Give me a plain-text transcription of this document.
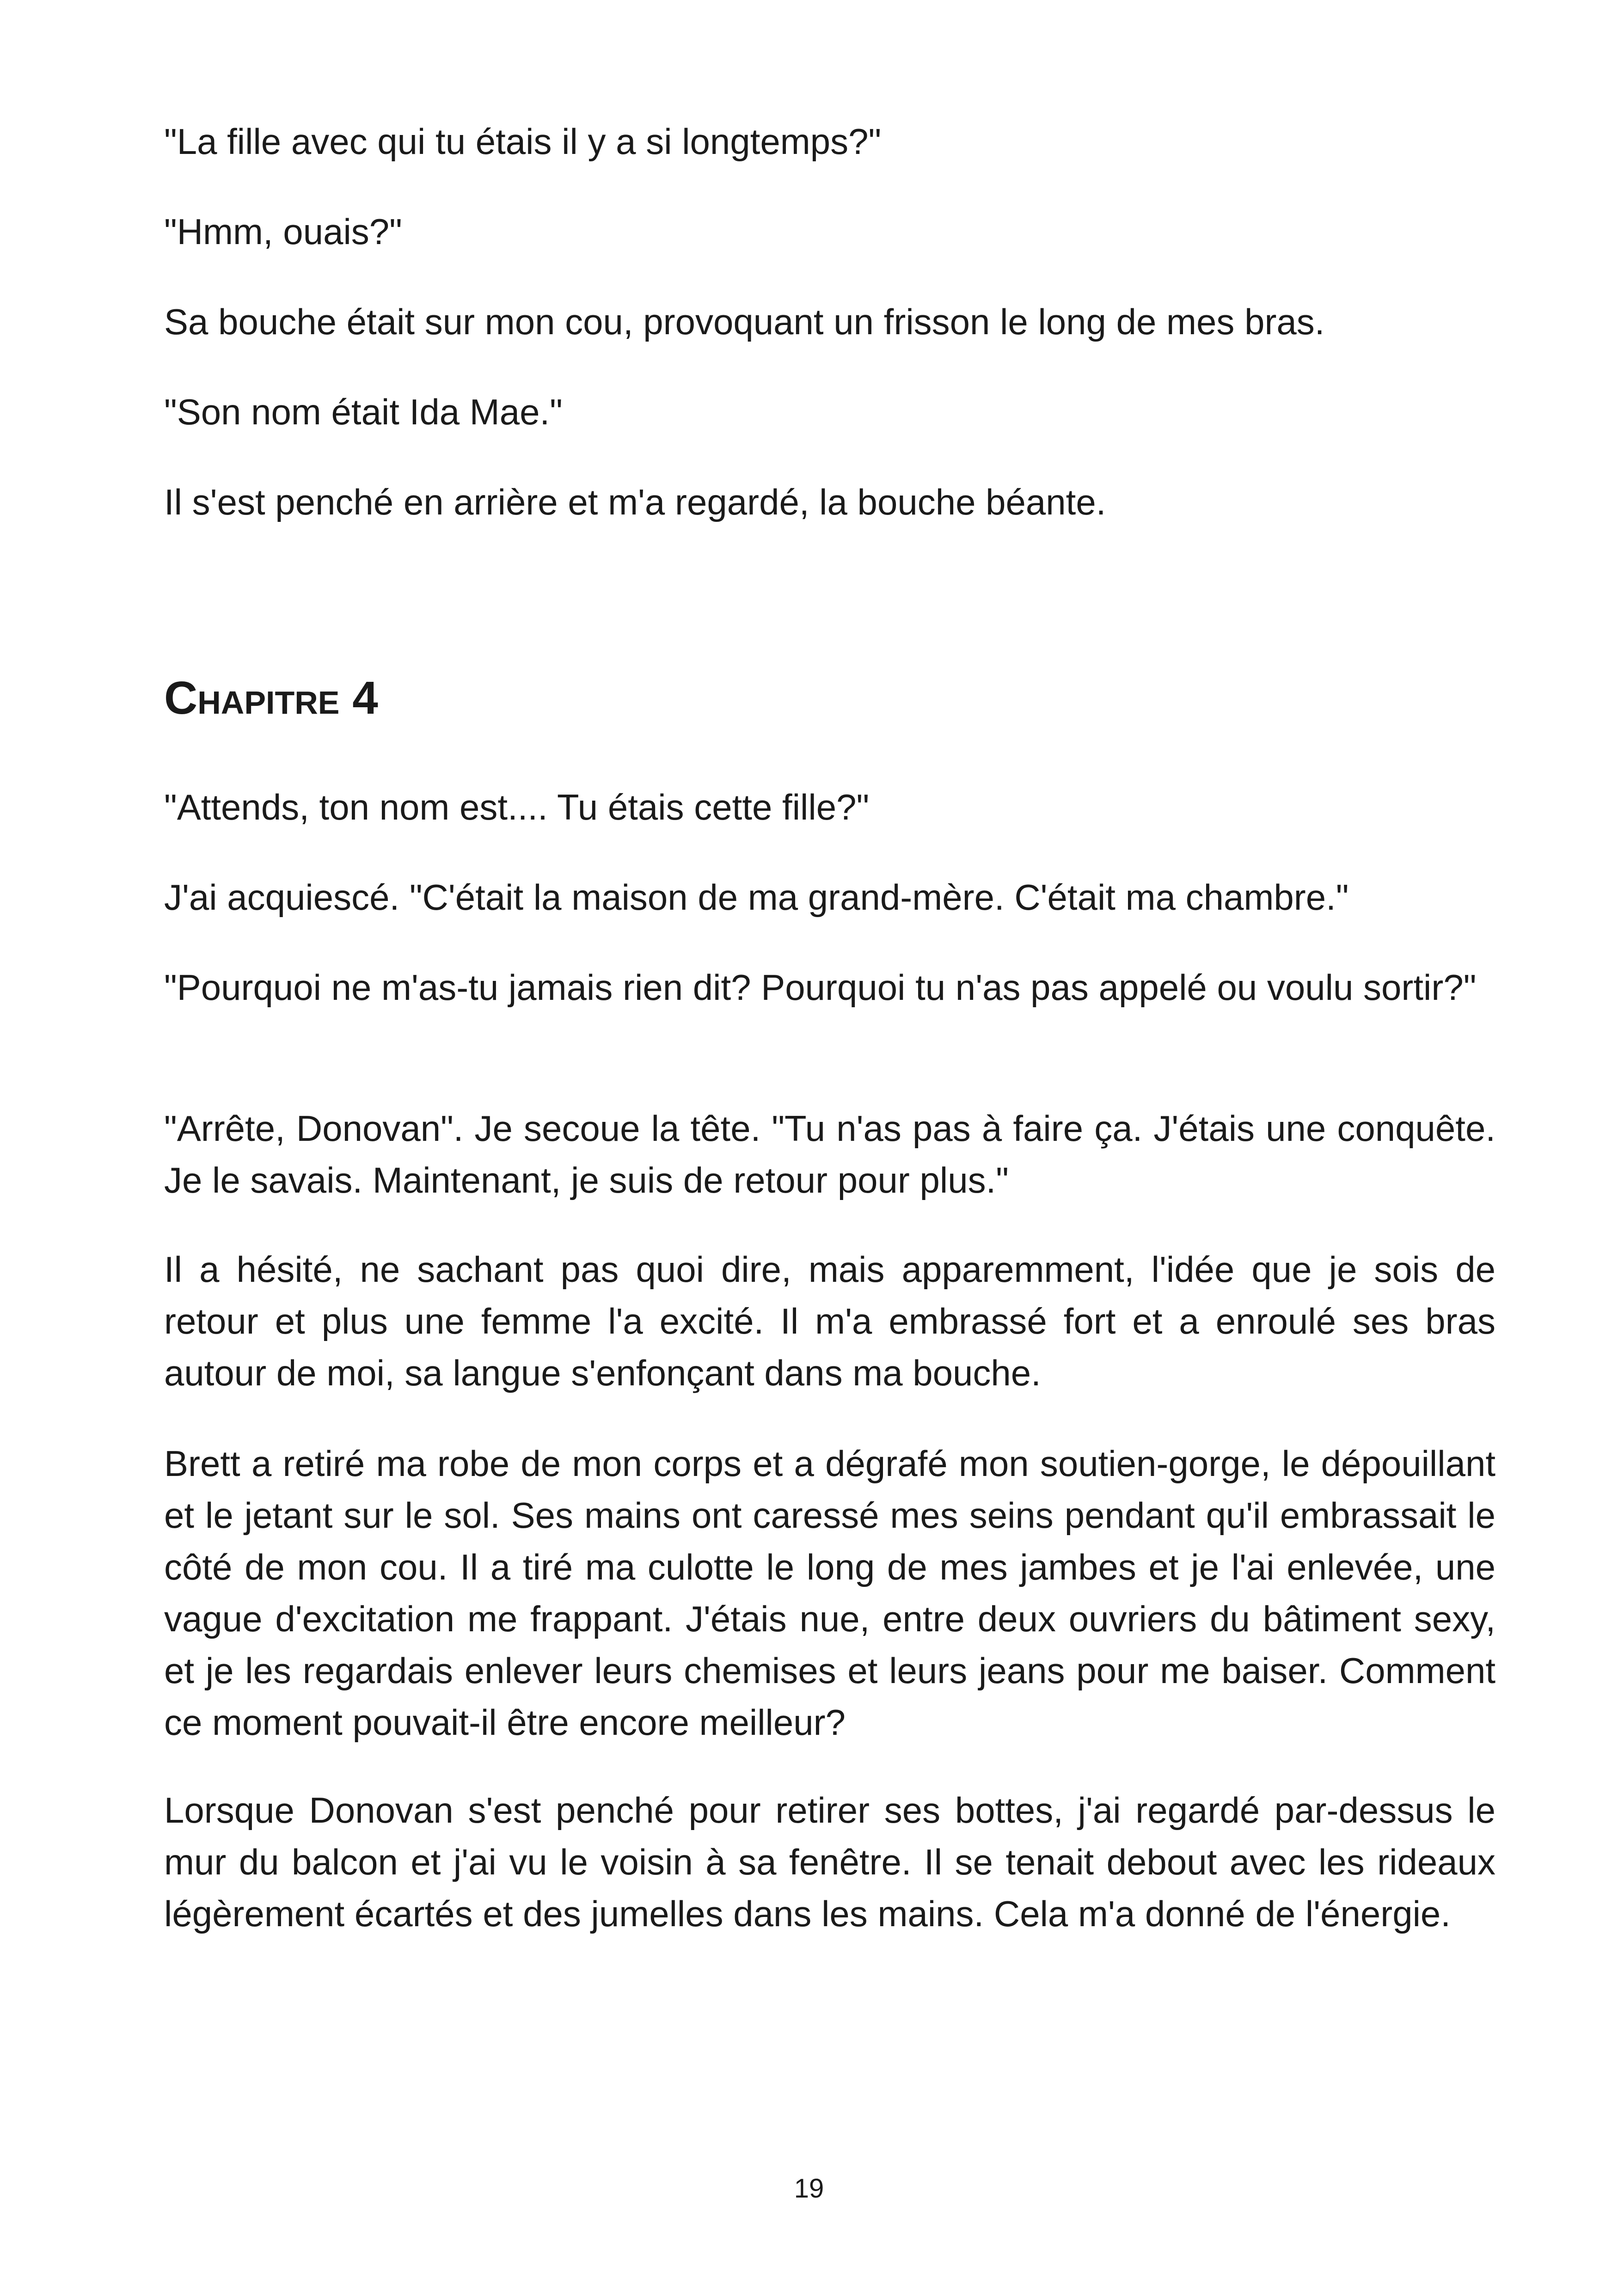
"La fille avec qui tu étais il y a si longtemps?"

"Hmm, ouais?"

Sa bouche était sur mon cou, provoquant un frisson le long de mes bras.

"Son nom était Ida Mae."

Il s'est penché en arrière et m'a regardé, la bouche béante.

Chapitre 4

"Attends, ton nom est.... Tu étais cette fille?"

J'ai acquiescé. "C'était la maison de ma grand-mère. C'était ma chambre."

"Pourquoi ne m'as-tu jamais rien dit? Pourquoi tu n'as pas appelé ou voulu sortir?"

"Arrête, Donovan". Je secoue la tête. "Tu n'as pas à faire ça. J'étais une conquête. Je le savais. Maintenant, je suis de retour pour plus."

Il a hésité, ne sachant pas quoi dire, mais apparemment, l'idée que je sois de retour et plus une femme l'a excité. Il m'a embrassé fort et a enroulé ses bras autour de moi, sa langue s'enfonçant dans ma bouche.

Brett a retiré ma robe de mon corps et a dégrafé mon soutien-gorge, le dépouillant et le jetant sur le sol. Ses mains ont caressé mes seins pendant qu'il embrassait le côté de mon cou. Il a tiré ma culotte le long de mes jambes et je l'ai enlevée, une vague d'excitation me frappant. J'étais nue, entre deux ouvriers du bâtiment sexy, et je les regardais enlever leurs chemises et leurs jeans pour me baiser. Comment ce moment pouvait-il être encore meilleur?

Lorsque Donovan s'est penché pour retirer ses bottes, j'ai regardé par-dessus le mur du balcon et j'ai vu le voisin à sa fenêtre. Il se tenait debout avec les rideaux légèrement écartés et des jumelles dans les mains. Cela m'a donné de l'énergie.

19
